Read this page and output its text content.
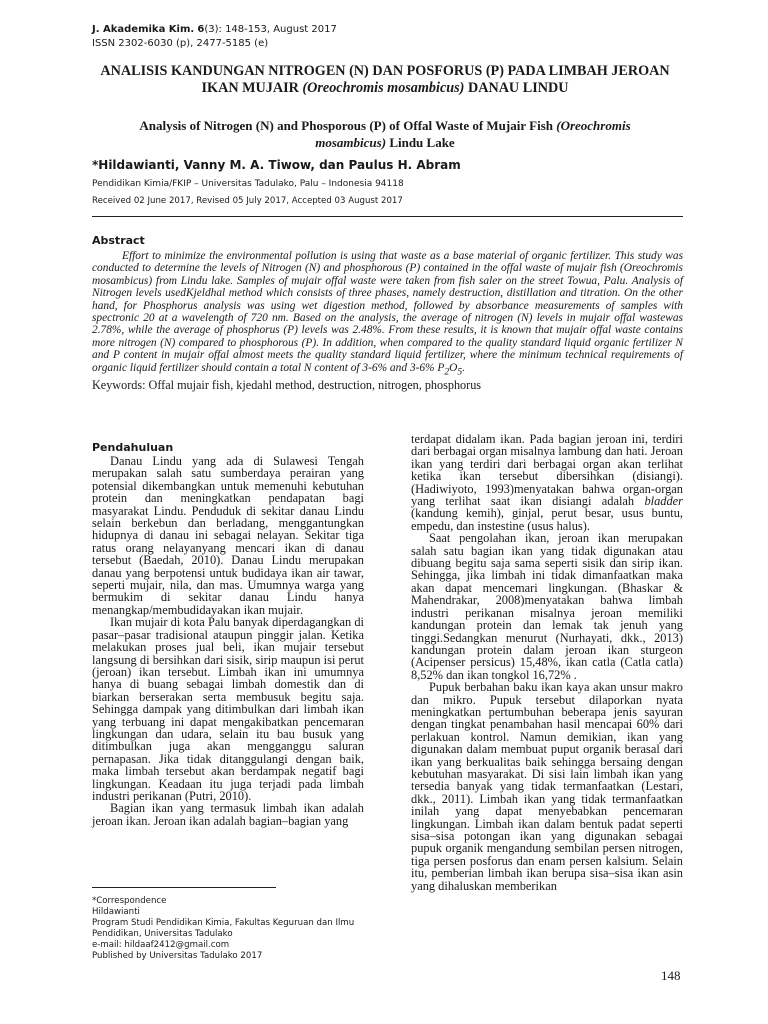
J. Akademika Kim. 6(3): 148-153, August 2017
ISSN 2302-6030 (p), 2477-5185 (e)
ANALISIS KANDUNGAN NITROGEN (N) DAN POSFORUS (P) PADA LIMBAH JEROAN IKAN MUJAIR (Oreochromis mosambicus) DANAU LINDU
Analysis of Nitrogen (N) and Phosporous (P) of Offal Waste of Mujair Fish (Oreochromis mosambicus) Lindu Lake
*Hildawianti, Vanny M. A. Tiwow, dan Paulus H. Abram
Pendidikan Kimia/FKIP – Universitas Tadulako, Palu – Indonesia 94118
Received 02 June 2017, Revised 05 July 2017, Accepted 03 August 2017
Abstract

Effort to minimize the environmental pollution is using that waste as a base material of organic fertilizer. This study was conducted to determine the levels of Nitrogen (N) and phosphorous (P) contained in the offal waste of mujair fish (Oreochromis mosambicus) from Lindu lake. Samples of mujair offal waste were taken from fish saler on the street Towua, Palu. Analysis of Nitrogen levels usedKjeldhal method which consists of three phases, namely destruction, distillation and titration. On the other hand, for Phosphorus analysis was using wet digestion method, followed by absorbance measurements of samples with spectronic 20 at a wavelength of 720 nm. Based on the analysis, the average of nitrogen (N) levels in mujair offal wastewas 2.78%, while the average of phosphorus (P) levels was 2.48%. From these results, it is known that mujair offal waste contains more nitrogen (N) compared to phosphorous (P). In addition, when compared to the quality standard liquid organic fertilizer N and P content in mujair offal almost meets the quality standard liquid fertilizer, where the minimum technical requirements of organic liquid fertilizer should contain a total N content of 3-6% and 3-6% $P_2O_5$.

Keywords: Offal mujair fish, kjedahl method, destruction, nitrogen, phosphorus
Pendahuluan

Danau Lindu yang ada di Sulawesi Tengah merupakan salah satu sumberdaya perairan yang potensial dikembangkan untuk memenuhi kebutuhan protein dan meningkatkan pendapatan bagi masyarakat Lindu. Penduduk di sekitar danau Lindu selain berkebun dan berladang, menggantungkan hidupnya di danau ini sebagai nelayan. Sekitar tiga ratus orang nelayanyang mencari ikan di danau tersebut (Baedah, 2010). Danau Lindu merupakan danau yang berpotensi untuk budidaya ikan air tawar, seperti mujair, nila, dan mas. Umumnya warga yang bermukim di sekitar danau Lindu hanya menangkap/membudidayakan ikan mujair.

Ikan mujair di kota Palu banyak diperdagangkan di pasar–pasar tradisional ataupun pinggir jalan. Ketika melakukan proses jual beli, ikan mujair tersebut langsung di bersihkan dari sisik, sirip maupun isi perut (jeroan) ikan tersebut. Limbah ikan ini umumnya hanya di buang sebagai limbah domestik dan di biarkan berserakan serta membusuk begitu saja. Sehingga dampak yang ditimbulkan dari limbah ikan yang terbuang ini dapat mengakibatkan pencemaran lingkungan dan udara, selain itu bau busuk yang ditimbulkan juga akan mengganggu saluran pernapasan. Jika tidak ditanggulangi dengan baik, maka limbah tersebut akan berdampak negatif bagi lingkungan. Keadaan itu juga terjadi pada limbah industri perikanan (Putri, 2010).

Bagian ikan yang termasuk limbah ikan adalah jeroan ikan. Jeroan ikan adalah bagian–bagian yang

terdapat didalam ikan. Pada bagian jeroan ini, terdiri dari berbagai organ misalnya lambung dan hati. Jeroan ikan yang terdiri dari berbagai organ akan terlihat ketika ikan tersebut dibersihkan (disiangi). (Hadiwiyoto, 1993)menyatakan bahwa organ-organ yang terlihat saat ikan disiangi adalah bladder (kandung kemih), ginjal, perut besar, usus buntu, empedu, dan instestine (usus halus).

Saat pengolahan ikan, jeroan ikan merupakan salah satu bagian ikan yang tidak digunakan atau dibuang begitu saja sama seperti sisik dan sirip ikan. Sehingga, jika limbah ini tidak dimanfaatkan maka akan dapat mencemari lingkungan. (Bhaskar & Mahendrakar, 2008)menyatakan bahwa limbah industri perikanan misalnya jeroan memiliki kandungan protein dan lemak tak jenuh yang tinggi.Sedangkan menurut (Nurhayati, dkk., 2013) kandungan protein dalam jeroan ikan sturgeon (Acipenser persicus) 15,48%, ikan catla (Catla catla) 8,52% dan ikan tongkol 16,72% .

Pupuk berbahan baku ikan kaya akan unsur makro dan mikro. Pupuk tersebut dilaporkan nyata meningkatkan pertumbuhan beberapa jenis sayuran dengan tingkat penambahan hasil mencapai 60% dari perlakuan kontrol. Namun demikian, ikan yang digunakan dalam membuat puput organik berasal dari ikan yang berkualitas baik sehingga bersaing dengan kebutuhan masyarakat. Di sisi lain limbah ikan yang tersedia banyak yang tidak termanfaatkan (Lestari, dkk., 2011). Limbah ikan yang tidak termanfaatkan inilah yang dapat menyebabkan pencemaran lingkungan. Limbah ikan dalam bentuk padat seperti sisa–sisa potongan ikan yang digunakan sebagai pupuk organik mengandung sembilan persen nitrogen, tiga persen posforus dan enam persen kalsium. Selain itu, pemberian limbah ikan berupa sisa–sisa ikan asin yang dihaluskan memberikan

*Correspondence
Hildawianti
Program Studi Pendidikan Kimia, Fakultas Keguruan dan Ilmu
Pendidikan, Universitas Tadulako
e-mail: hildaaf2412@gmail.com
Published by Universitas Tadulako 2017
148
